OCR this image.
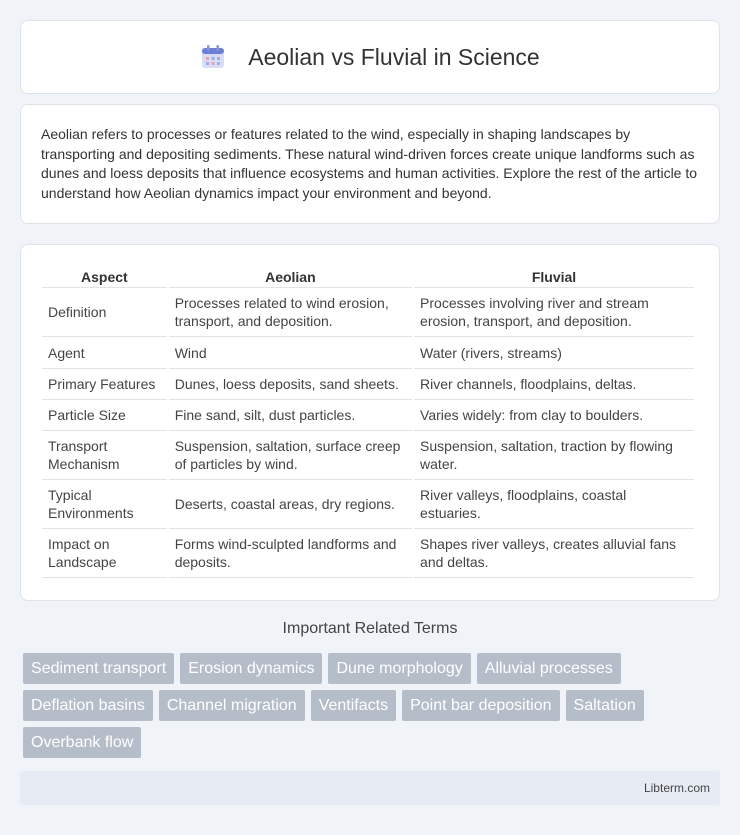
Aeolian vs Fluvial in Science

Aeolian refers to processes or features related to the wind, especially in shaping landscapes by transporting and depositing sediments. These natural wind-driven forces create unique landforms such as dunes and loess deposits that influence ecosystems and human activities. Explore the rest of the article to understand how Aeolian dynamics impact your environment and beyond.

Aspect	Aeolian	Fluvial
Definition	Processes related to wind erosion, transport, and deposition.	Processes involving river and stream erosion, transport, and deposition.
Agent	Wind	Water (rivers, streams)
Primary Features	Dunes, loess deposits, sand sheets.	River channels, floodplains, deltas.
Particle Size	Fine sand, silt, dust particles.	Varies widely: from clay to boulders.
Transport Mechanism	Suspension, saltation, surface creep of particles by wind.	Suspension, saltation, traction by flowing water.
Typical Environments	Deserts, coastal areas, dry regions.	River valleys, floodplains, coastal estuaries.
Impact on Landscape	Forms wind-sculpted landforms and deposits.	Shapes river valleys, creates alluvial fans and deltas.
Important Related Terms
Sediment transport	Erosion dynamics	Dune morphology	Alluvial processes
Deflation basins	Channel migration	Ventifacts	Point bar deposition	Saltation
Overbank flow
Libterm.com
